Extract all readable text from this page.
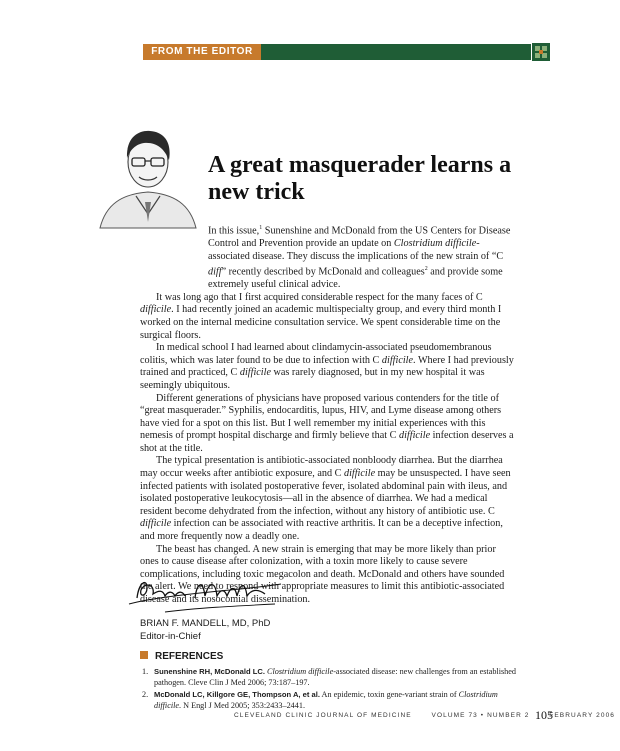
FROM THE EDITOR
A great masquerader learns a new trick

In this issue,$^1$ Sunenshine and McDonald from the US Centers for Disease Control and Prevention provide an update on Clostridium difficile-associated disease. They discuss the implications of the new strain of “C diff” recently described by McDonald and colleagues$^2$ and provide some extremely useful clinical advice.

It was long ago that I first acquired considerable respect for the many faces of C difficile. I had recently joined an academic multispecialty group, and every third month I worked on the internal medicine consultation service. We spent considerable time on the surgical floors.

In medical school I had learned about clindamycin-associated pseudomembranous colitis, which was later found to be due to infection with C difficile. Where I had previously trained and practiced, C difficile was rarely diagnosed, but in my new hospital it was seemingly ubiquitous.

Different generations of physicians have proposed various contenders for the title of “great masquerader.” Syphilis, endocarditis, lupus, HIV, and Lyme disease among others have vied for a spot on this list. But I well remember my initial experiences with this nemesis of prompt hospital discharge and firmly believe that C difficile infection deserves a shot at the title.

The typical presentation is antibiotic-associated nonbloody diarrhea. But the diarrhea may occur weeks after antibiotic exposure, and C difficile may be unsuspected. I have seen infected patients with isolated postoperative fever, isolated abdominal pain with ileus, and isolated postoperative leukocytosis—all in the absence of diarrhea. We had a medical resident become dehydrated from the infection, without any history of antibiotic use. C difficile infection can be associated with reactive arthritis. It can be a deceptive infection, and more frequently now a deadly one.

The beast has changed. A new strain is emerging that may be more likely than prior ones to cause disease after colonization, with a toxin more likely to cause severe complications, including toxic megacolon and death. McDonald and others have sounded the alert. We need to respond with appropriate measures to limit this antibiotic-associated disease and its nosocomial dissemination.

BRIAN F. MANDELL, MD, PhD
Editor-in-Chief
REFERENCES
1. Sunenshine RH, McDonald LC. Clostridium difficile-associated disease: new challenges from an established pathogen. Cleve Clin J Med 2006; 73:187–197.
2. McDonald LC, Killgore GE, Thompson A, et al. An epidemic, toxin gene-variant strain of Clostridium difficile. N Engl J Med 2005; 353:2433–2441.
CLEVELAND CLINIC JOURNAL OF MEDICINE	VOLUME 73 • NUMBER 2	FEBRUARY 2006
105
